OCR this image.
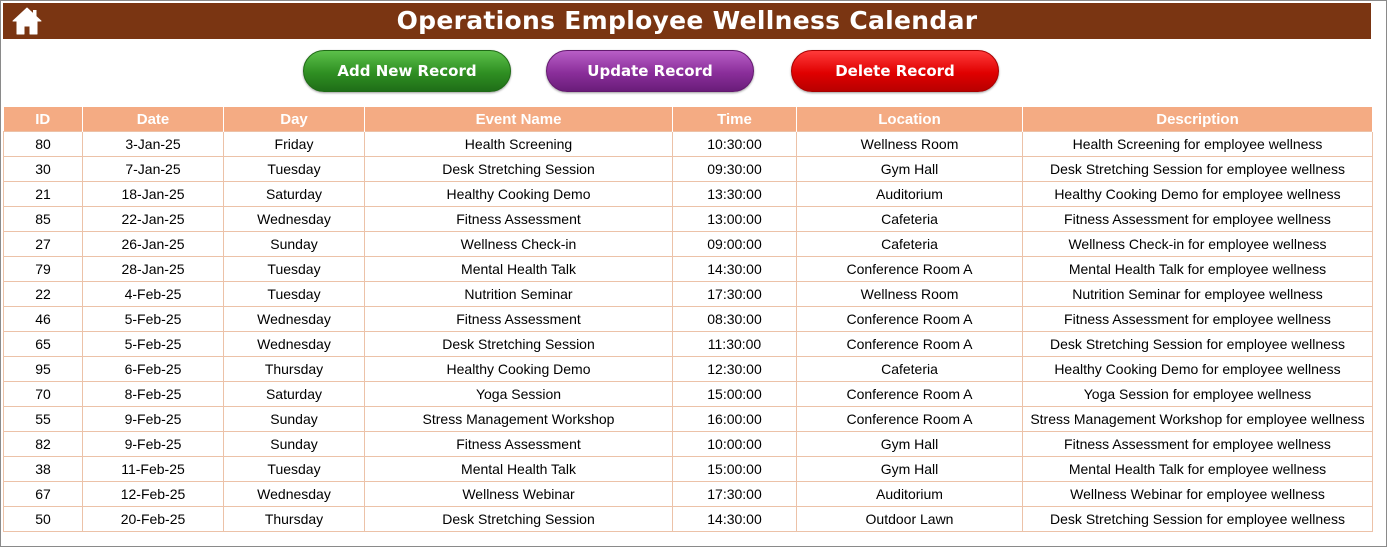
Operations Employee Wellness Calendar
Add New Record	Update Record	Delete Record
ID	Date	Day	Event Name	Time	Location	Description
80	3-Jan-25	Friday	Health Screening	10:30:00	Wellness Room	Health Screening for employee wellness
30	7-Jan-25	Tuesday	Desk Stretching Session	09:30:00	Gym Hall	Desk Stretching Session for employee wellness
21	18-Jan-25	Saturday	Healthy Cooking Demo	13:30:00	Auditorium	Healthy Cooking Demo for employee wellness
85	22-Jan-25	Wednesday	Fitness Assessment	13:00:00	Cafeteria	Fitness Assessment for employee wellness
27	26-Jan-25	Sunday	Wellness Check-in	09:00:00	Cafeteria	Wellness Check-in for employee wellness
79	28-Jan-25	Tuesday	Mental Health Talk	14:30:00	Conference Room A	Mental Health Talk for employee wellness
22	4-Feb-25	Tuesday	Nutrition Seminar	17:30:00	Wellness Room	Nutrition Seminar for employee wellness
46	5-Feb-25	Wednesday	Fitness Assessment	08:30:00	Conference Room A	Fitness Assessment for employee wellness
65	5-Feb-25	Wednesday	Desk Stretching Session	11:30:00	Conference Room A	Desk Stretching Session for employee wellness
95	6-Feb-25	Thursday	Healthy Cooking Demo	12:30:00	Cafeteria	Healthy Cooking Demo for employee wellness
70	8-Feb-25	Saturday	Yoga Session	15:00:00	Conference Room A	Yoga Session for employee wellness
55	9-Feb-25	Sunday	Stress Management Workshop	16:00:00	Conference Room A	Stress Management Workshop for employee wellness
82	9-Feb-25	Sunday	Fitness Assessment	10:00:00	Gym Hall	Fitness Assessment for employee wellness
38	11-Feb-25	Tuesday	Mental Health Talk	15:00:00	Gym Hall	Mental Health Talk for employee wellness
67	12-Feb-25	Wednesday	Wellness Webinar	17:30:00	Auditorium	Wellness Webinar for employee wellness
50	20-Feb-25	Thursday	Desk Stretching Session	14:30:00	Outdoor Lawn	Desk Stretching Session for employee wellness
